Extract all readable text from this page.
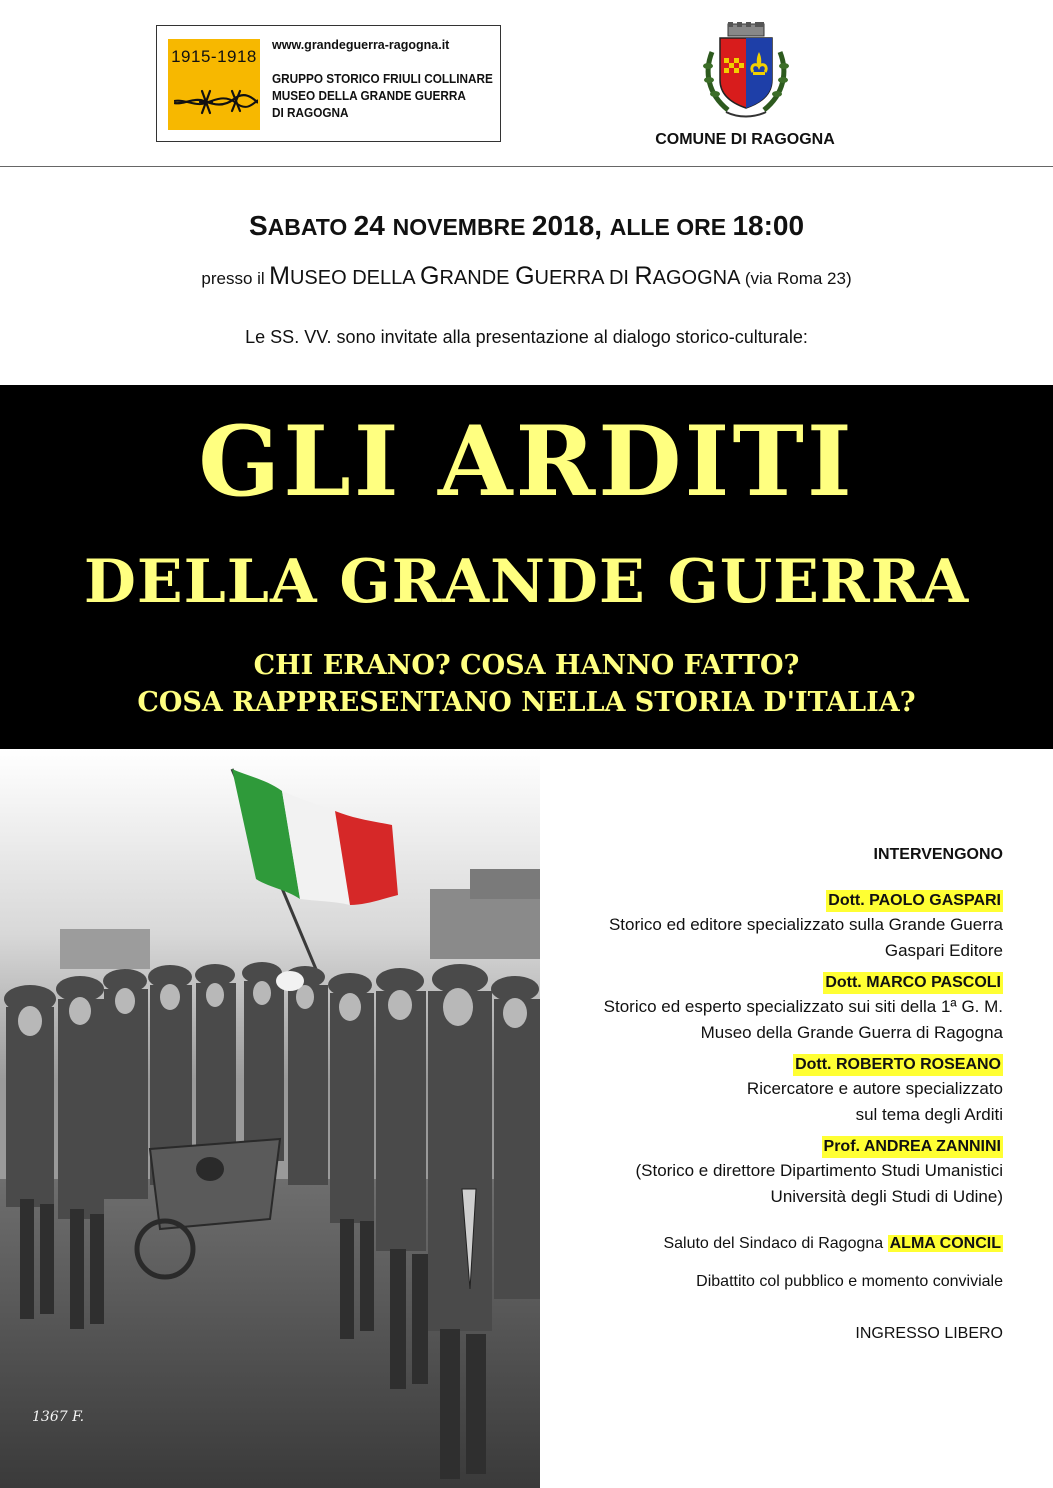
1915-1918
www.grandeguerra-ragogna.it
GRUPPO STORICO FRIULI COLLINARE
MUSEO DELLA GRANDE GUERRA
DI RAGOGNA
COMUNE DI RAGOGNA
SABATO 24 NOVEMBRE 2018, ALLE ORE 18:00
presso il MUSEO DELLA GRANDE GUERRA DI RAGOGNA (via Roma 23)
Le SS. VV. sono invitate alla presentazione al dialogo storico-culturale:
GLI ARDITI
DELLA GRANDE GUERRA
CHI ERANO? COSA HANNO FATTO?
COSA RAPPRESENTANO NELLA STORIA D'ITALIA?
1367 F.
INTERVENGONO
Dott. PAOLO GASPARI
Storico ed editore specializzato sulla Grande Guerra
Gaspari Editore
Dott. MARCO PASCOLI
Storico ed esperto specializzato sui siti della 1ª G. M.
Museo della Grande Guerra di Ragogna
Dott. ROBERTO ROSEANO
Ricercatore e autore specializzato
sul tema degli Arditi
Prof. ANDREA ZANNINI
(Storico e direttore Dipartimento Studi Umanistici
Università degli Studi di Udine)
Saluto del Sindaco di Ragogna ALMA CONCIL
Dibattito col pubblico e momento conviviale
INGRESSO LIBERO
